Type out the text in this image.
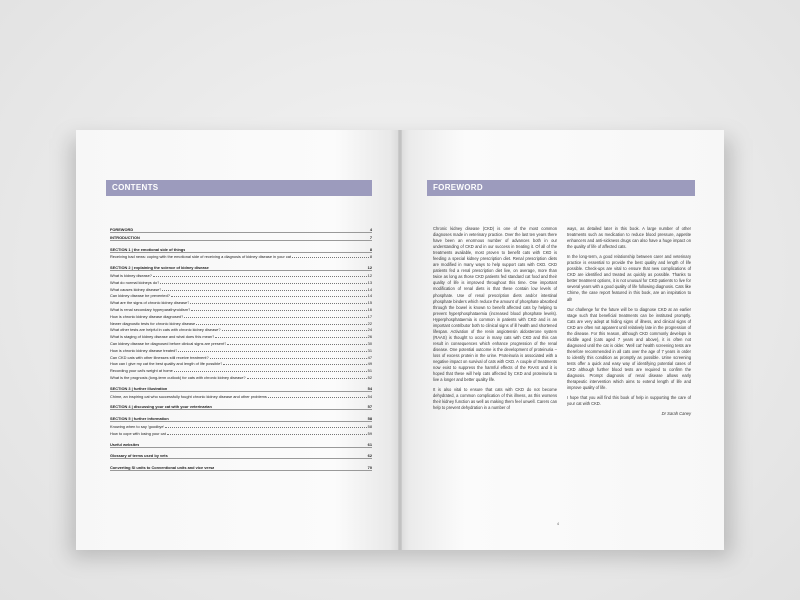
CONTENTS
FOREWORD	4
INTRODUCTION	7
SECTION 1 | the emotional side of things	8
Receiving bad news: coping with the emotional side of receiving a diagnosis of kidney disease in your cat	8
SECTION 2 | explaining the science of kidney disease	12
What is kidney disease?	12
What do normal kidneys do?	13
What causes kidney disease?	14
Can kidney disease be prevented?	14
What are the signs of chronic kidney disease?	15
What is renal secondary hyperparathyroidism?	16
How is chronic kidney disease diagnosed?	17
Newer diagnostic tests for chronic kidney disease	22
What other tests are helpful in cats with chronic kidney disease?	24
What is staging of kidney disease and what does this mean?	26
Can kidney disease be diagnosed before clinical signs are present?	30
How is chronic kidney disease treated?	31
Can CKD cats with other illnesses still receive treatment?	47
How can I give my cat the best quality and length of life possible?	49
Recording your cat's weight at home	51
What is the prognosis (long-term outlook) for cats with chronic kidney disease?	52
SECTION 3 | further illustration	54
Chime, an inspiring cat who successfully fought chronic kidney disease and other problems	54
SECTION 4 | discussing your cat with your veterinarian	57
SECTION 5 | further information	58
Knowing when to say 'goodbye'	58
How to cope with losing your cat	59
Useful websites	61
Glossary of terms used by vets	62
Converting SI units to Conventional units and vice versa	70
FOREWORD

Chronic kidney disease (CKD) is one of the most common diagnoses made in veterinary practice. Over the last ten years there have been an enormous number of advances both in our understanding of CKD and in our success in treating it. Of all of the treatments available, most proven to benefit cats with CKD is feeding a special kidney prescription diet. Renal prescription diets are modified in many ways to help support cats with CKD. CKD patients fed a renal prescription diet live, on average, more than twice as long as those CKD patients fed standard cat food and their quality of life is improved throughout this time. One important modification of renal diets is that these contain low levels of phosphate. Use of renal prescription diets and/or intestinal phosphate binders which reduce the amount of phosphate absorbed through the bowel is known to benefit affected cats by helping to prevent hyperphosphataemia (increased blood phosphate levels). Hyperphosphataemia is common in patients with CKD and is an important contributor both to clinical signs of ill health and shortened lifespan. Activation of the renin angiotensin aldosterone system (RAAS) is thought to occur in many cats with CKD and this can result in consequences which enhance progression of the renal disease. One potential outcome is the development of proteinuria – loss of excess protein in the urine. Proteinuria is associated with a negative impact on survival of cats with CKD. A couple of treatments now exist to suppress the harmful effects of the RAAS and it is hoped that these will help cats affected by CKD and proteinuria to live a longer and better quality life.

It is also vital to ensure that cats with CKD do not become dehydrated, a common complication of this illness, as this worsens their kidney function as well as making them feel unwell. Carers can help to prevent dehydration in a number of

ways, as detailed later in this book. A large number of other treatments such as medication to reduce blood pressure, appetite enhancers and anti-sickness drugs can also have a huge impact on the quality of life of affected cats.

In the long-term, a good relationship between carer and veterinary practice is essential to provide the best quality and length of life possible. Check-ups are vital to ensure that new complications of CKD are identified and treated as quickly as possible. Thanks to better treatment options, it is not unusual for CKD patients to live for several years with a good quality of life following diagnosis. Cats like Chime, the case report featured in this book, are an inspiration to all!

Our challenge for the future will be to diagnose CKD at an earlier stage such that beneficial treatments can be instituted promptly. Cats are very adept at hiding signs of illness, and clinical signs of CKD are often not apparent until relatively late in the progression of the disease. For this reason, although CKD commonly develops in middle aged (cats aged 7 years and above), it is often not diagnosed until the cat is older. 'Well cat' health screening tests are therefore recommended in all cats over the age of 7 years in order to identify this condition as promptly as possible. Urine screening tests offer a quick and easy way of identifying potential cases of CKD although further blood tests are required to confirm the diagnosis. Prompt diagnosis of renal disease allows early therapeutic intervention which aims to extend length of life and improve quality of life.

I hope that you will find this book of help in supporting the care of your cat with CKD.

Dr Sarah Caney
4
